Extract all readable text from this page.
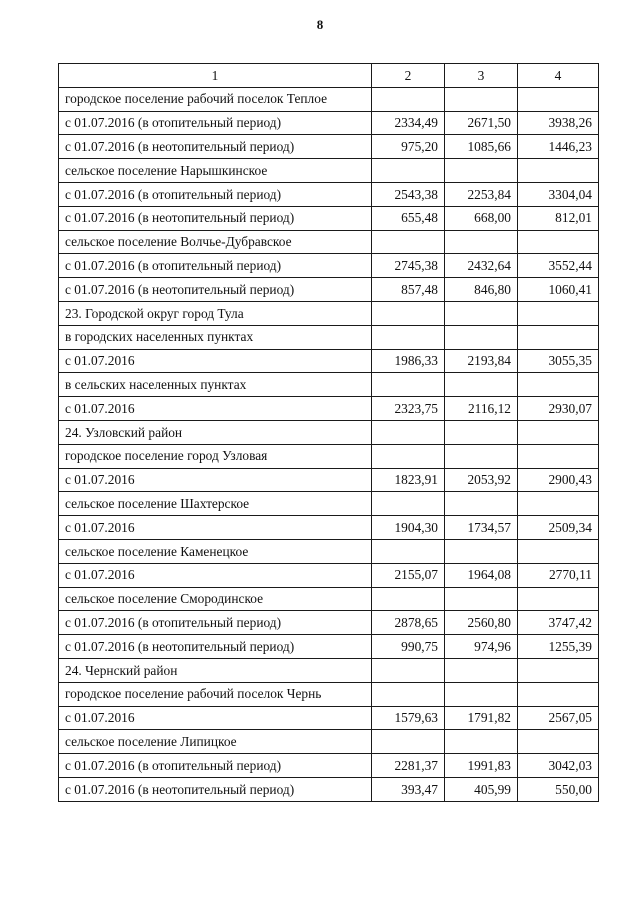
8
1	2	3	4
городское поселение рабочий поселок Теплое			
с 01.07.2016 (в отопительный период)	2334,49	2671,50	3938,26
с 01.07.2016 (в неотопительный период)	975,20	1085,66	1446,23
сельское поселение Нарышкинское			
с 01.07.2016 (в отопительный период)	2543,38	2253,84	3304,04
с 01.07.2016 (в неотопительный период)	655,48	668,00	812,01
сельское поселение Волчье-Дубравское			
с 01.07.2016 (в отопительный период)	2745,38	2432,64	3552,44
с 01.07.2016 (в неотопительный период)	857,48	846,80	1060,41
23. Городской округ город Тула			
в городских населенных пунктах			
с 01.07.2016	1986,33	2193,84	3055,35
в сельских населенных пунктах			
с 01.07.2016	2323,75	2116,12	2930,07
24. Узловский район			
городское поселение город Узловая			
с 01.07.2016	1823,91	2053,92	2900,43
сельское поселение Шахтерское			
с 01.07.2016	1904,30	1734,57	2509,34
сельское поселение Каменецкое			
с 01.07.2016	2155,07	1964,08	2770,11
сельское поселение Смородинское			
с 01.07.2016 (в отопительный период)	2878,65	2560,80	3747,42
с 01.07.2016 (в неотопительный период)	990,75	974,96	1255,39
24. Чернский район			
городское поселение рабочий поселок Чернь			
с 01.07.2016	1579,63	1791,82	2567,05
сельское поселение Липицкое			
с 01.07.2016 (в отопительный период)	2281,37	1991,83	3042,03
с 01.07.2016 (в неотопительный период)	393,47	405,99	550,00
